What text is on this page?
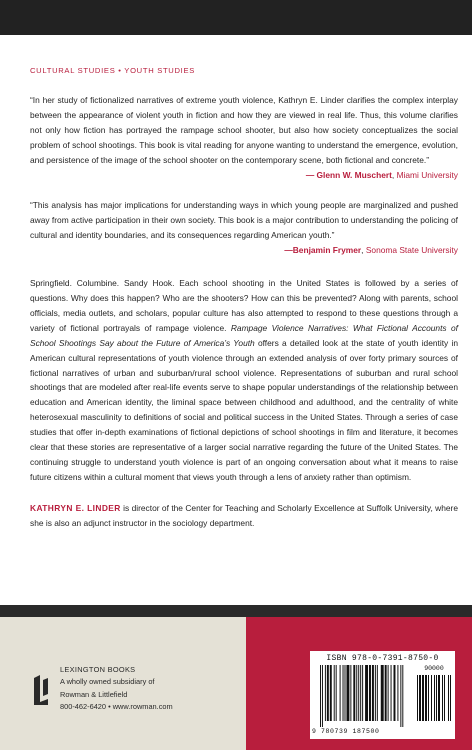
CULTURAL STUDIES • YOUTH STUDIES

“In her study of fictionalized narratives of extreme youth violence, Kathryn E. Linder clarifies the complex interplay between the appearance of violent youth in fiction and how they are viewed in real life. Thus, this volume clarifies not only how fiction has portrayed the rampage school shooter, but also how society conceptualizes the social problem of school shootings. This book is vital reading for anyone wanting to understand the emergence, evolution, and persistence of the image of the school shooter on the contemporary scene, both fictional and concrete.”

— Glenn W. Muschert, Miami University

“This analysis has major implications for understanding ways in which young people are marginalized and pushed away from active participation in their own society. This book is a major contribution to understanding the policing of cultural and identity boundaries, and its consequences regarding American youth.”

—Benjamin Frymer, Sonoma State University

Springfield. Columbine. Sandy Hook. Each school shooting in the United States is followed by a series of questions. Why does this happen? Who are the shooters? How can this be prevented? Along with parents, school officials, media outlets, and scholars, popular culture has also attempted to respond to these questions through a variety of fictional portrayals of rampage violence. Rampage Violence Narratives: What Fictional Accounts of School Shootings Say about the Future of America’s Youth offers a detailed look at the state of youth identity in American cultural representations of youth violence through an extended analysis of over forty primary sources of fictional narratives of urban and suburban/rural school violence. Representations of suburban and rural school shootings that are modeled after real-life events serve to shape popular understandings of the relationship between education and American identity, the liminal space between childhood and adulthood, and the centrality of white heterosexual masculinity to definitions of social and political success in the United States. Through a series of case studies that offer in-depth examinations of fictional depictions of school shootings in film and literature, it becomes clear that these stories are representative of a larger social narrative regarding the future of the United States. The continuing struggle to understand youth violence is part of an ongoing conversation about what it means to raise future citizens within a cultural moment that views youth through a lens of anxiety rather than optimism.

KATHRYN E. LINDER is director of the Center for Teaching and Scholarly Excellence at Suffolk University, where she is also an adjunct instructor in the sociology department.

LEXINGTON BOOKS
A wholly owned subsidiary of
Rowman & Littlefield
800-462-6420 • www.rowman.com
ISBN 978-0-7391-8750-0
90000
9 780739 187500
